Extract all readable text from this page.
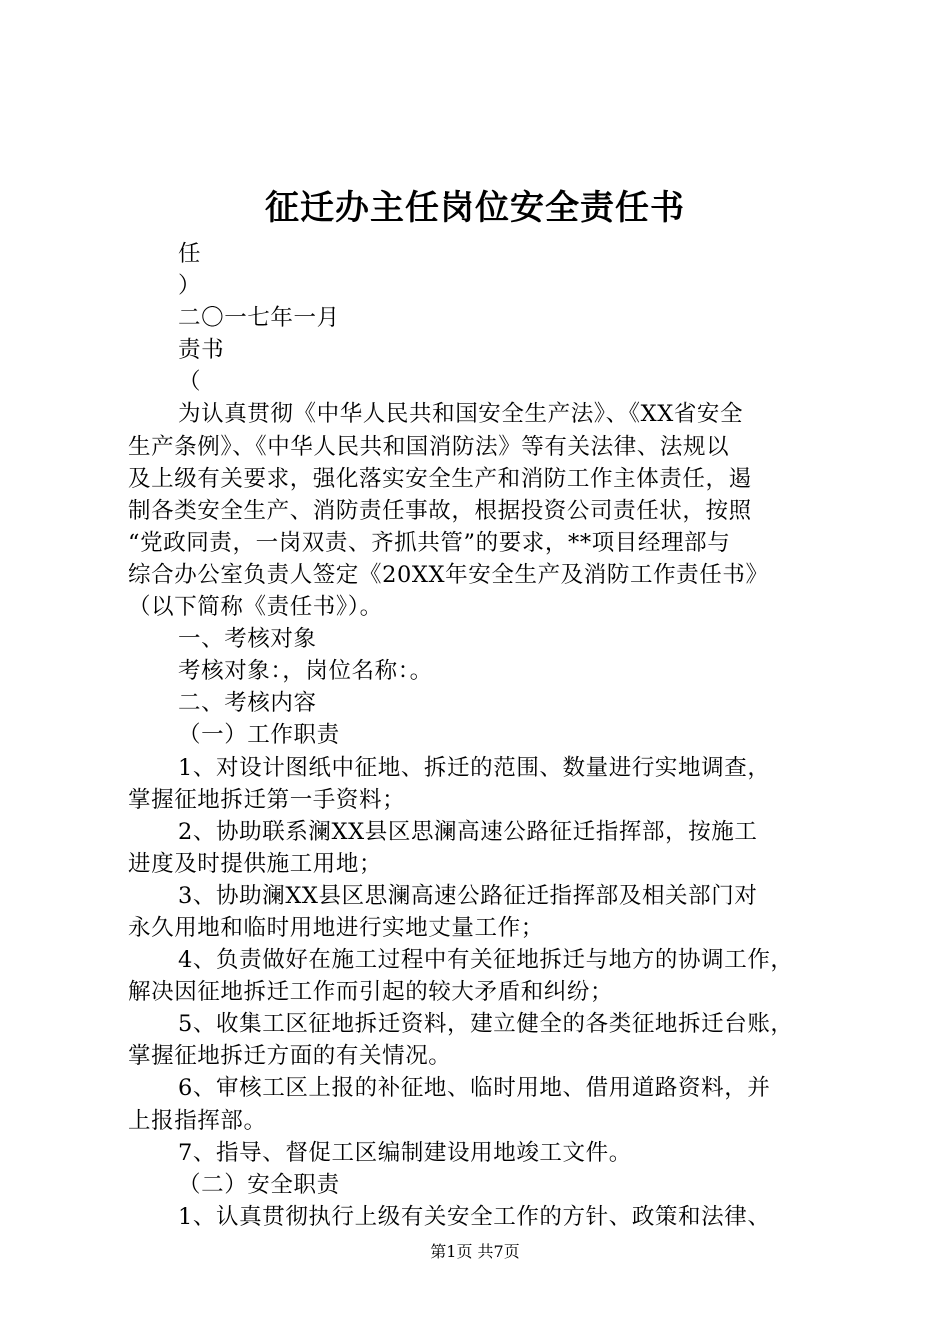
征迁办主任岗位安全责任书
任
）
二〇一七年一月
责书
（
为认真贯彻《中华人民共和国安全生产法》、《XX省安全
生产条例》、《中华人民共和国消防法》等有关法律、法规以
及上级有关要求，强化落实安全生产和消防工作主体责任，遏
制各类安全生产、消防责任事故，根据投资公司责任状，按照
“党政同责，一岗双责、齐抓共管”的要求，**项目经理部与
综合办公室负责人签定《20XX年安全生产及消防工作责任书》
（以下简称《责任书》）。
一、考核对象
考核对象：，岗位名称：。
二、考核内容
（一）工作职责
1、对设计图纸中征地、拆迁的范围、数量进行实地调查，
掌握征地拆迁第一手资料；
2、协助联系澜XX县区思澜高速公路征迁指挥部，按施工
进度及时提供施工用地；
3、协助澜XX县区思澜高速公路征迁指挥部及相关部门对
永久用地和临时用地进行实地丈量工作；
4、负责做好在施工过程中有关征地拆迁与地方的协调工作，
解决因征地拆迁工作而引起的较大矛盾和纠纷；
5、收集工区征地拆迁资料，建立健全的各类征地拆迁台账，
掌握征地拆迁方面的有关情况。
6、审核工区上报的补征地、临时用地、借用道路资料，并
上报指挥部。
7、指导、督促工区编制建设用地竣工文件。
（二）安全职责
1、认真贯彻执行上级有关安全工作的方针、政策和法律、
第1页 共7页
